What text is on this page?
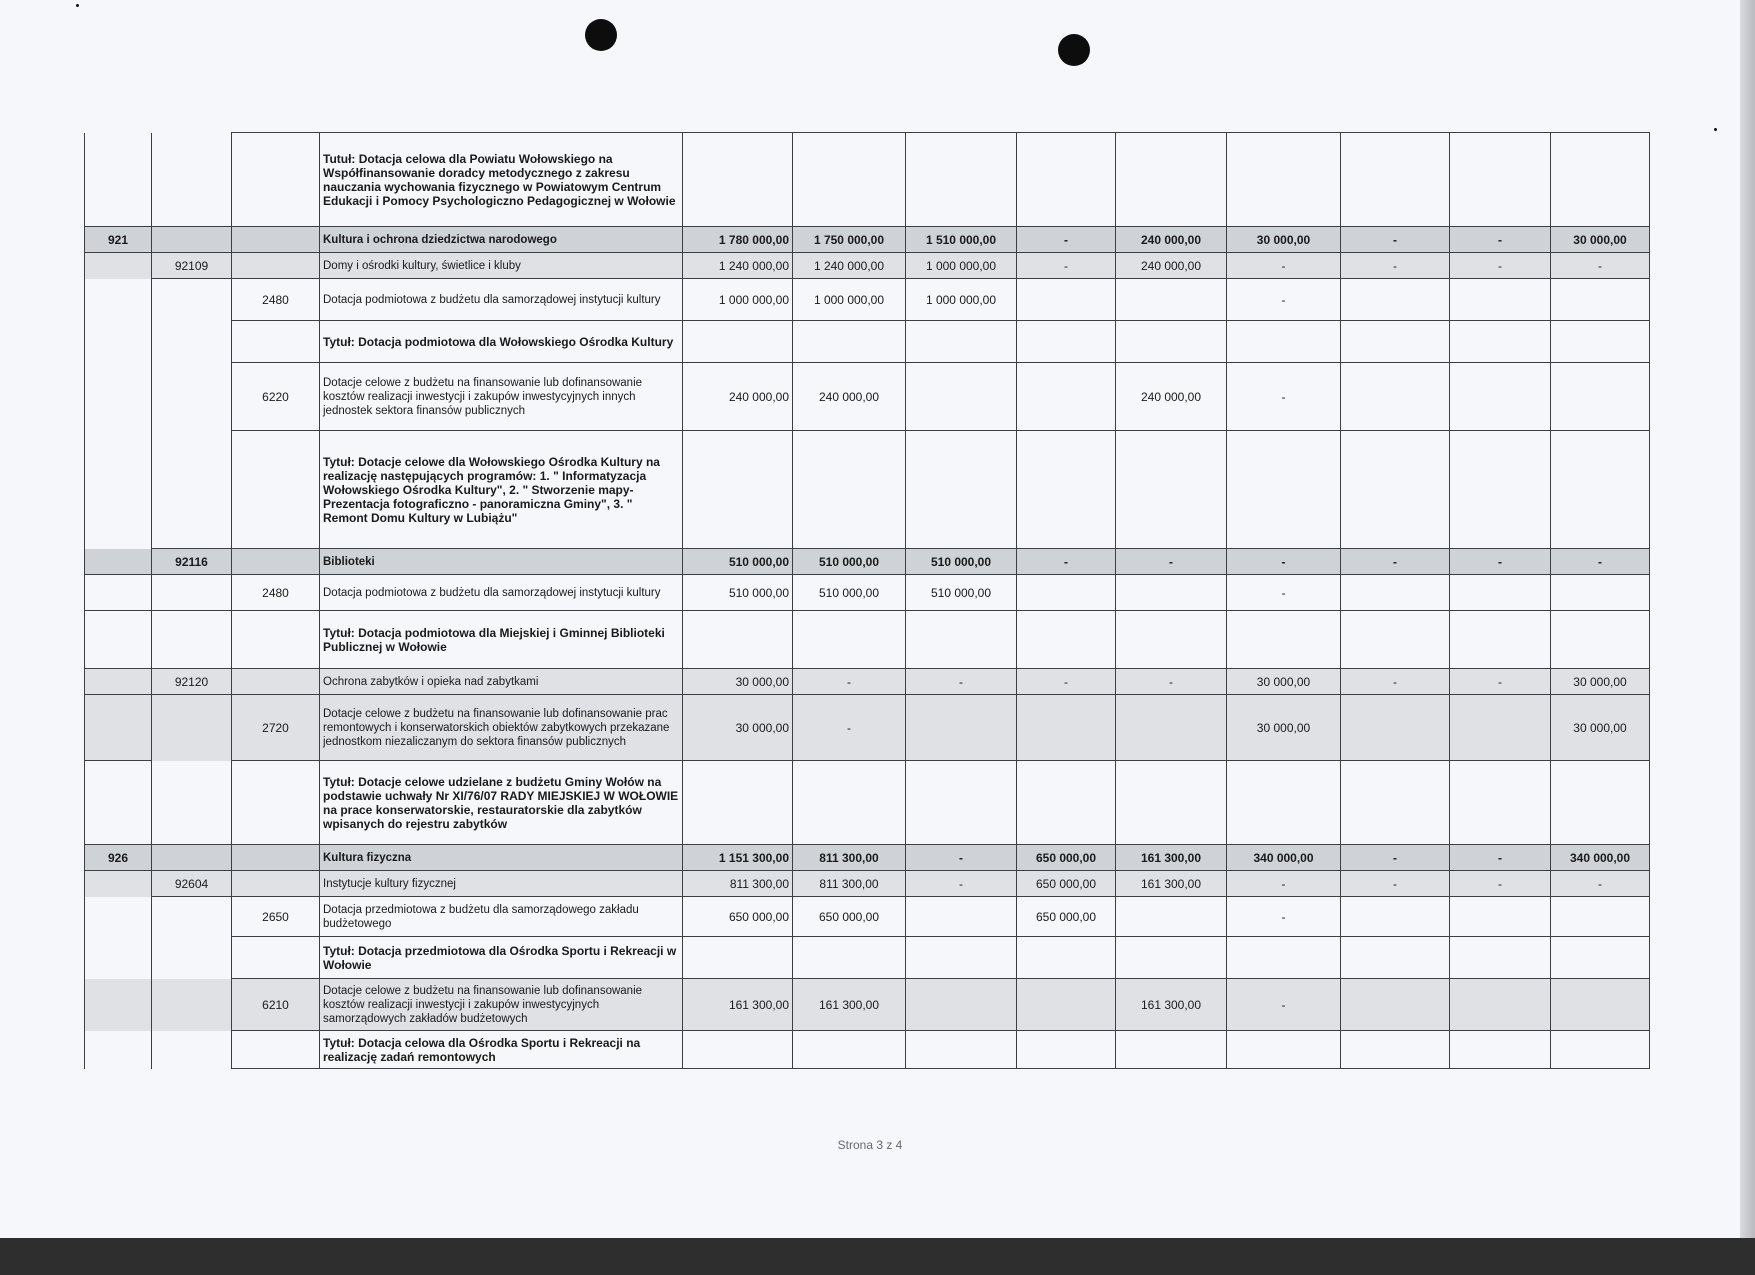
			Tutuł: Dotacja celowa dla Powiatu Wołowskiego na Współfinansowanie doradcy metodycznego z zakresu nauczania wychowania fizycznego w Powiatowym Centrum Edukacji i Pomocy Psychologiczno Pedagogicznej w Wołowie									
921			Kultura i ochrona dziedzictwa narodowego	1 780 000,00	1 750 000,00	1 510 000,00	-	240 000,00	30 000,00	-	-	30 000,00
	92109		Domy i ośrodki kultury, świetlice i kluby	1 240 000,00	1 240 000,00	1 000 000,00	-	240 000,00	-	-	-	-
		2480	Dotacja podmiotowa z budżetu dla samorządowej instytucji kultury	1 000 000,00	1 000 000,00	1 000 000,00			-			
			Tytuł: Dotacja podmiotowa dla Wołowskiego Ośrodka Kultury									
		6220	Dotacje celowe z budżetu na finansowanie lub dofinansowanie kosztów realizacji inwestycji i zakupów inwestycyjnych innych jednostek sektora finansów publicznych	240 000,00	240 000,00			240 000,00	-			
			Tytuł: Dotacje celowe dla Wołowskiego Ośrodka Kultury na realizację następujących programów: 1. " Informatyzacja Wołowskiego Ośrodka Kultury", 2. " Stworzenie mapy- Prezentacja fotograficzno - panoramiczna Gminy", 3. " Remont Domu Kultury w Lubiążu"									
	92116		Biblioteki	510 000,00	510 000,00	510 000,00	-	-	-	-	-	-
		2480	Dotacja podmiotowa z budżetu dla samorządowej instytucji kultury	510 000,00	510 000,00	510 000,00			-			
			Tytuł: Dotacja podmiotowa dla Miejskiej i Gminnej Biblioteki Publicznej w Wołowie									
	92120		Ochrona zabytków i opieka nad zabytkami	30 000,00	-	-	-	-	30 000,00	-	-	30 000,00
		2720	Dotacje celowe z budżetu na finansowanie lub dofinansowanie prac remontowych i konserwatorskich obiektów zabytkowych przekazane jednostkom niezaliczanym do sektora finansów publicznych	30 000,00	-				30 000,00			30 000,00
			Tytuł: Dotacje celowe udzielane z budżetu Gminy Wołów na podstawie uchwały Nr XI/76/07 RADY MIEJSKIEJ W WOŁOWIE na prace konserwatorskie, restauratorskie dla zabytków wpisanych do rejestru zabytków									
926			Kultura fizyczna	1 151 300,00	811 300,00	-	650 000,00	161 300,00	340 000,00	-	-	340 000,00
	92604		Instytucje kultury fizycznej	811 300,00	811 300,00	-	650 000,00	161 300,00	-	-	-	-
		2650	Dotacja przedmiotowa z budżetu dla samorządowego zakładu budżetowego	650 000,00	650 000,00		650 000,00		-			
			Tytuł: Dotacja przedmiotowa dla Ośrodka Sportu i Rekreacji w Wołowie									
		6210	Dotacje celowe z budżetu na finansowanie lub dofinansowanie kosztów realizacji inwestycji i zakupów inwestycyjnych samorządowych zakładów budżetowych	161 300,00	161 300,00			161 300,00	-			
			Tytuł: Dotacja celowa dla Ośrodka Sportu i Rekreacji na realizację zadań remontowych									
Strona 3 z 4
